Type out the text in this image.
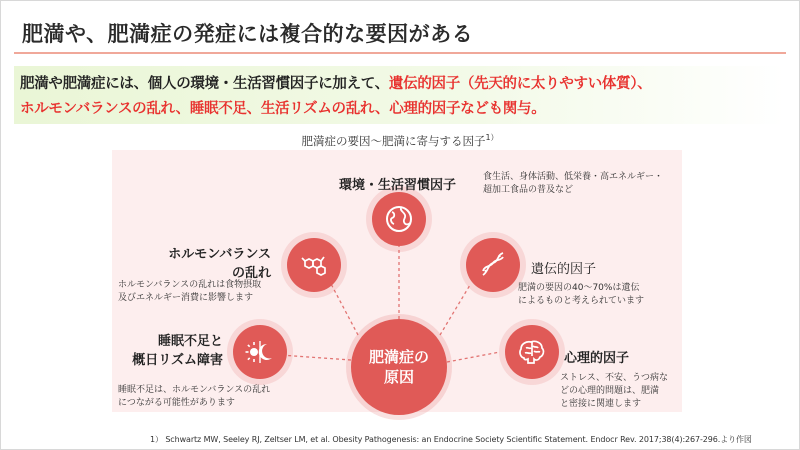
肥満や、肥満症の発症には複合的な要因がある
肥満や肥満症には、個人の環境・生活習慣因子に加えて、遺伝的因子（先天的に太りやすい体質）、
ホルモンバランスの乱れ、睡眠不足、生活リズムの乱れ、心理的因子なども関与。
肥満症の要因〜肥満に寄与する因子$^{1)}$
環境・生活習慣因子
食生活、身体活動、低栄養・高エネルギー・
超加工食品の普及など
ホルモンバランス
の乱れ
ホルモンバランスの乱れは食物摂取
及びエネルギー消費に影響します
遺伝的因子
肥満の要因の40〜70%は遺伝
によるものと考えられています
睡眠不足と
概日リズム障害
睡眠不足は、ホルモンバランスの乱れ
につながる可能性があります
心理的因子
ストレス、不安、うつ病な
どの心理的問題は、肥満
と密接に関連します
肥満症の
原因
1） Schwartz MW, Seeley RJ, Zeltser LM, et al. Obesity Pathogenesis: an Endocrine Society Scientific Statement. Endocr Rev. 2017;38(4):267-296.より作図
